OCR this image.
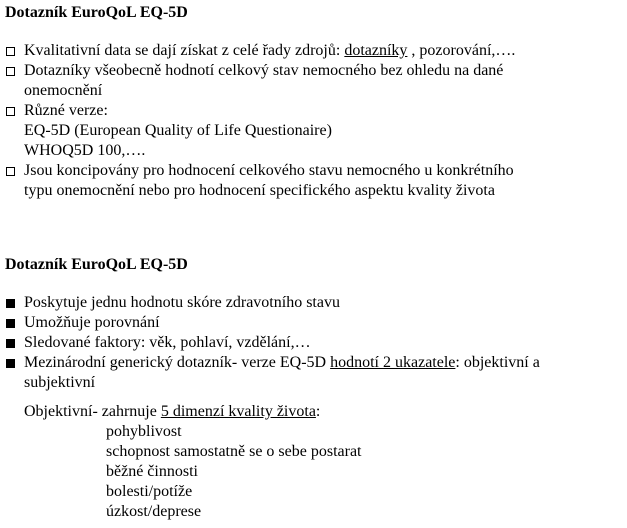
Dotazník EuroQoL EQ-5D
Kvalitativní data se dají získat z celé řady zdrojů: dotazníky , pozorování,….
Dotazníky všeobecně hodnotí celkový stav nemocného bez ohledu na dané
onemocnění
Různé verze:
EQ-5D (European Quality of Life Questionaire)
WHOQ5D 100,….
Jsou koncipovány pro hodnocení celkového stavu nemocného u konkrétního
typu onemocnění nebo pro hodnocení specifického aspektu kvality života
Dotazník EuroQoL EQ-5D
Poskytuje jednu hodnotu skóre zdravotního stavu
Umožňuje porovnání
Sledované faktory: věk, pohlaví, vzdělání,…
Mezinárodní generický dotazník- verze EQ-5D hodnotí 2 ukazatele: objektivní a
subjektivní
Objektivní- zahrnuje 5 dimenzí kvality života:
pohyblivost
schopnost samostatně se o sebe postarat
běžné činnosti
bolesti/potíže
úzkost/deprese
